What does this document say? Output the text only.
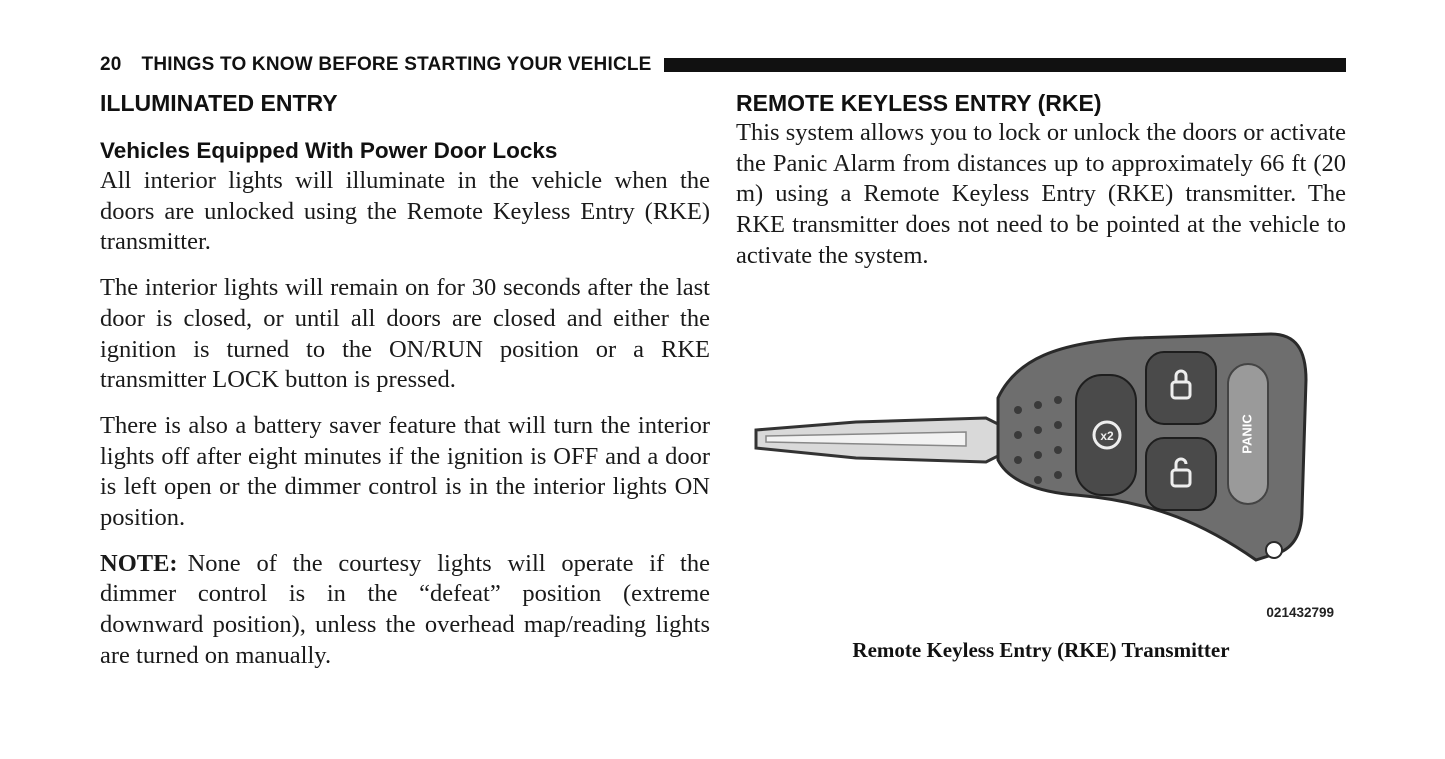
20 THINGS TO KNOW BEFORE STARTING YOUR VEHICLE
ILLUMINATED ENTRY
Vehicles Equipped With Power Door Locks

All interior lights will illuminate in the vehicle when the doors are unlocked using the Remote Keyless Entry (RKE) transmitter.

The interior lights will remain on for 30 seconds after the last door is closed, or until all doors are closed and either the ignition is turned to the ON/RUN position or a RKE transmitter LOCK button is pressed.

There is also a battery saver feature that will turn the interior lights off after eight minutes if the ignition is OFF and a door is left open or the dimmer control is in the interior lights ON position.

NOTE: None of the courtesy lights will operate if the dimmer control is in the “defeat” position (extreme downward position), unless the overhead map/reading lights are turned on manually.

REMOTE KEYLESS ENTRY (RKE)

This system allows you to lock or unlock the doors or activate the Panic Alarm from distances up to approximately 66 ft (20 m) using a Remote Keyless Entry (RKE) transmitter. The RKE transmitter does not need to be pointed at the vehicle to activate the system.

x2	PANIC
021432799
Remote Keyless Entry (RKE) Transmitter
